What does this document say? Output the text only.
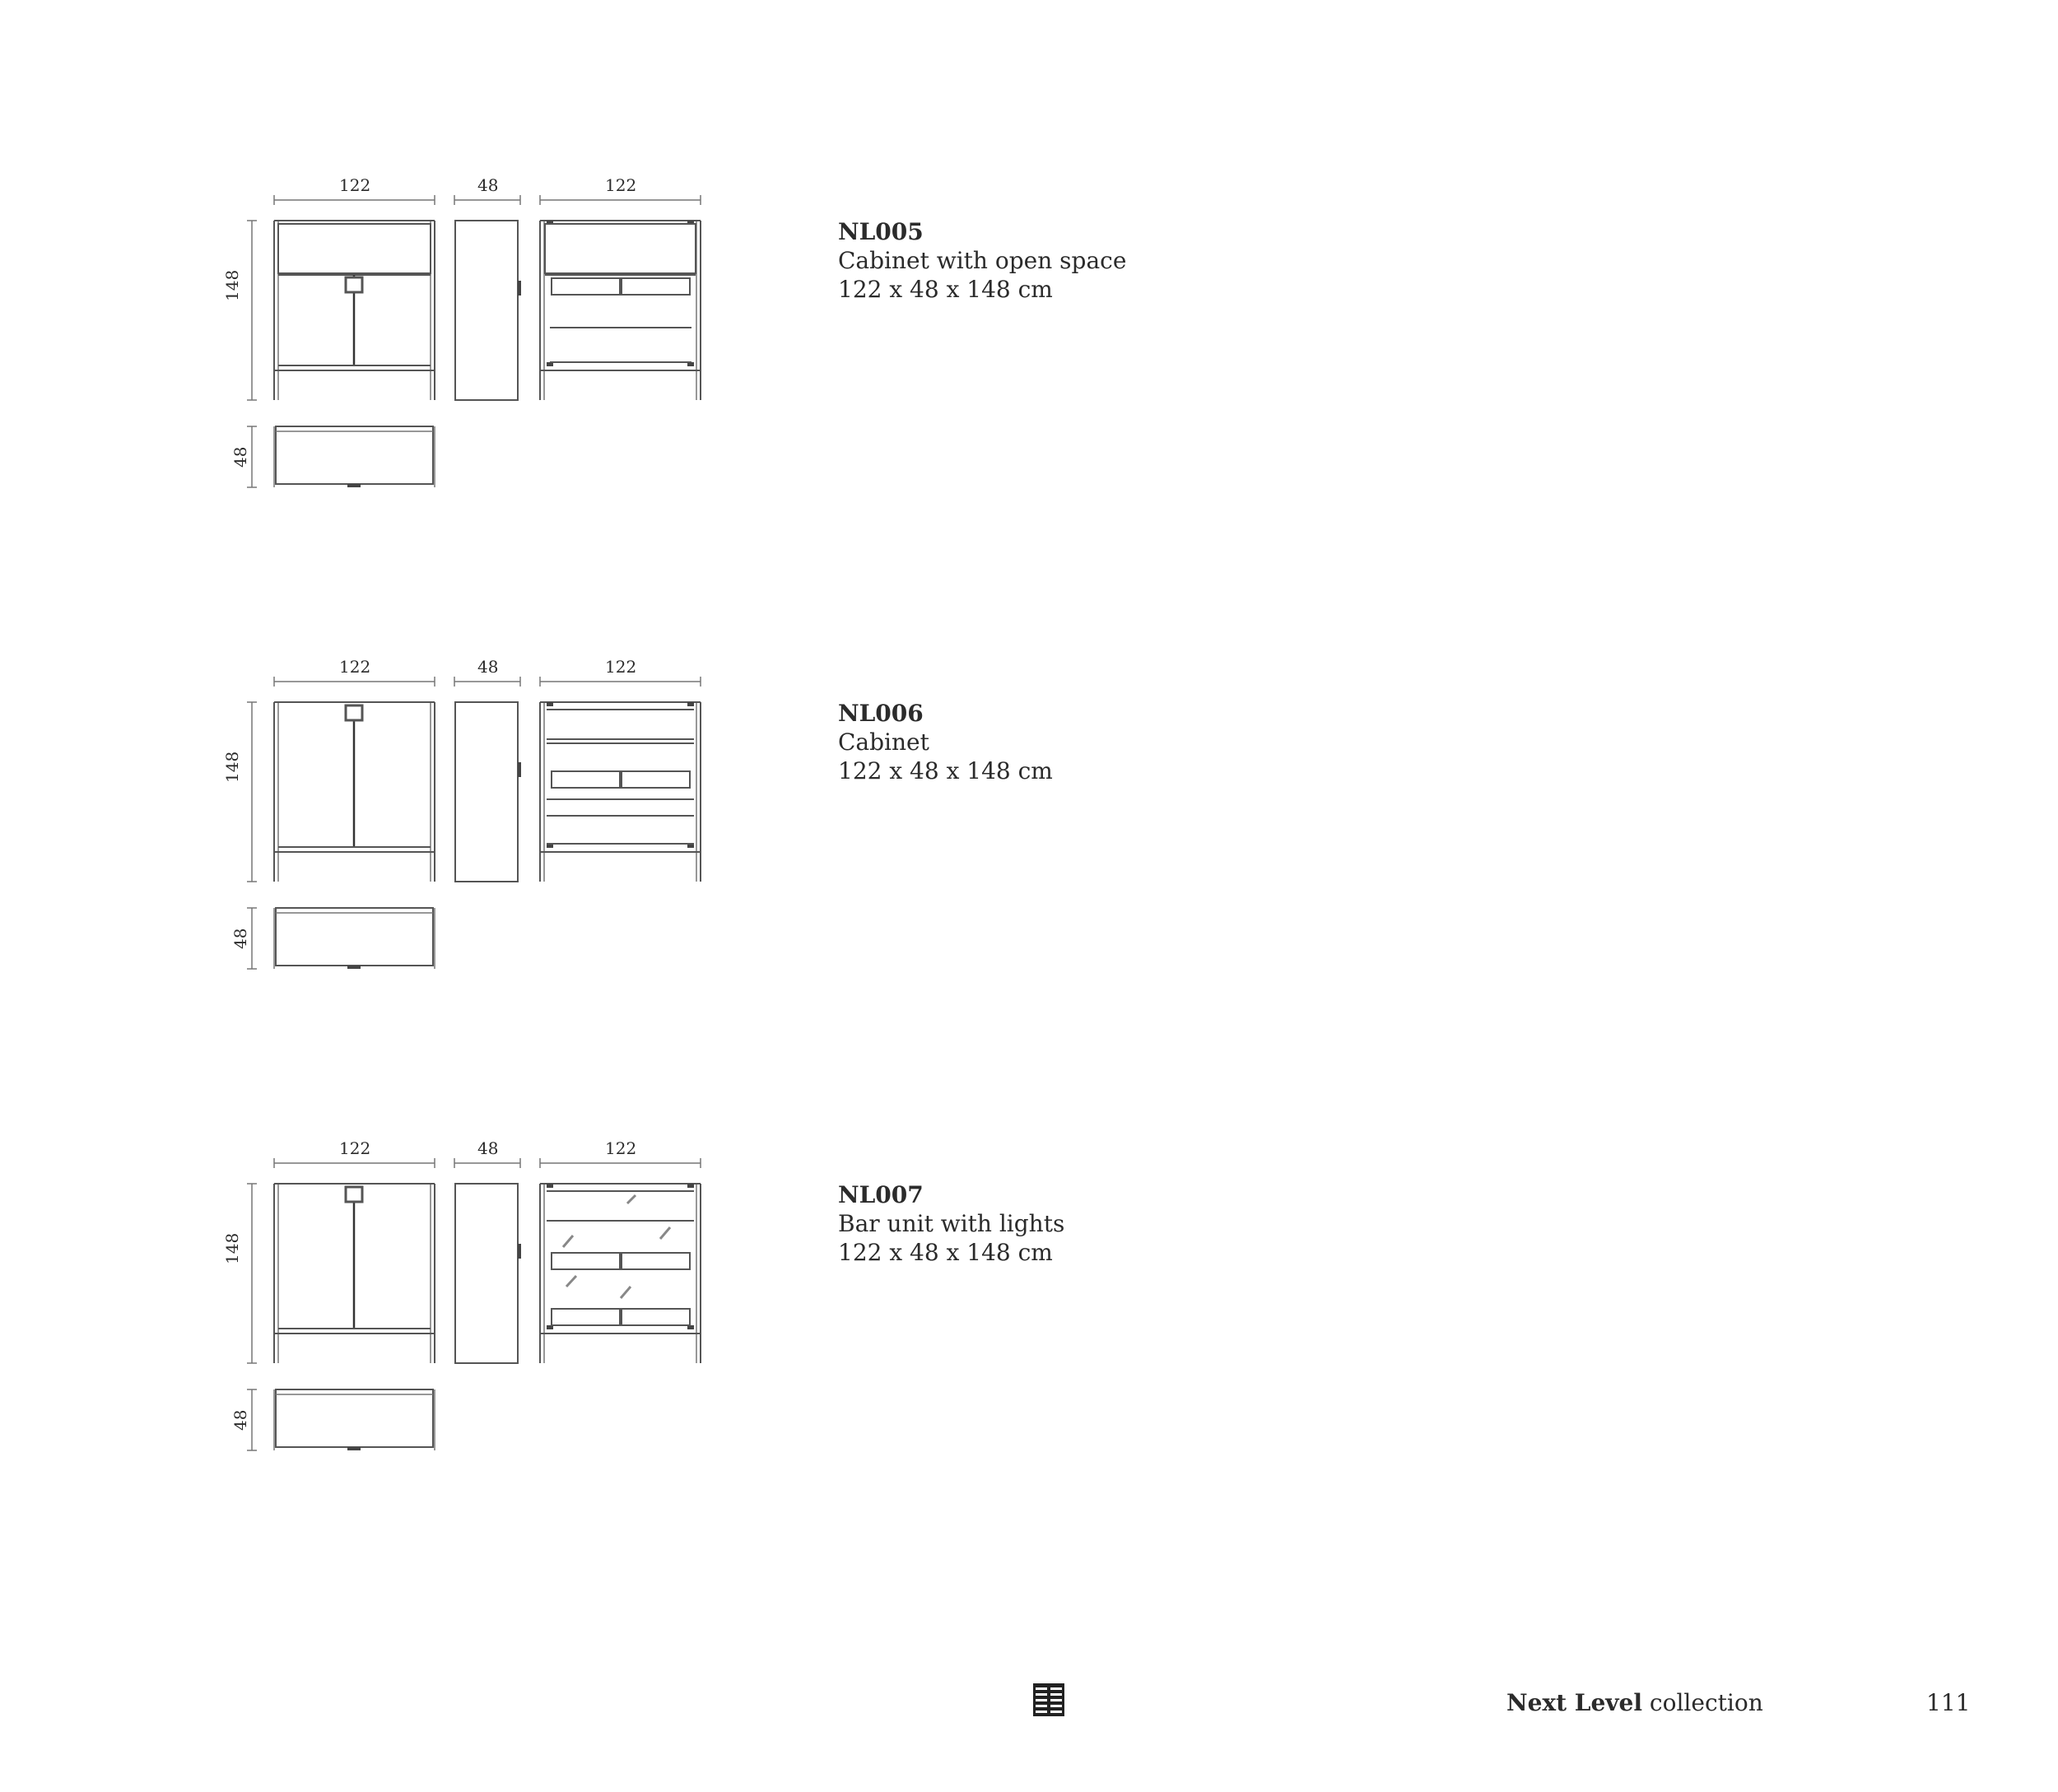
122	48	122
148
48
122	48	122
148
48
122	48	122
148
48
NL005
Cabinet with open space
122 x 48 x 148 cm
NL006
Cabinet
122 x 48 x 148 cm
NL007
Bar unit with lights
122 x 48 x 148 cm
Next Level collection	111
